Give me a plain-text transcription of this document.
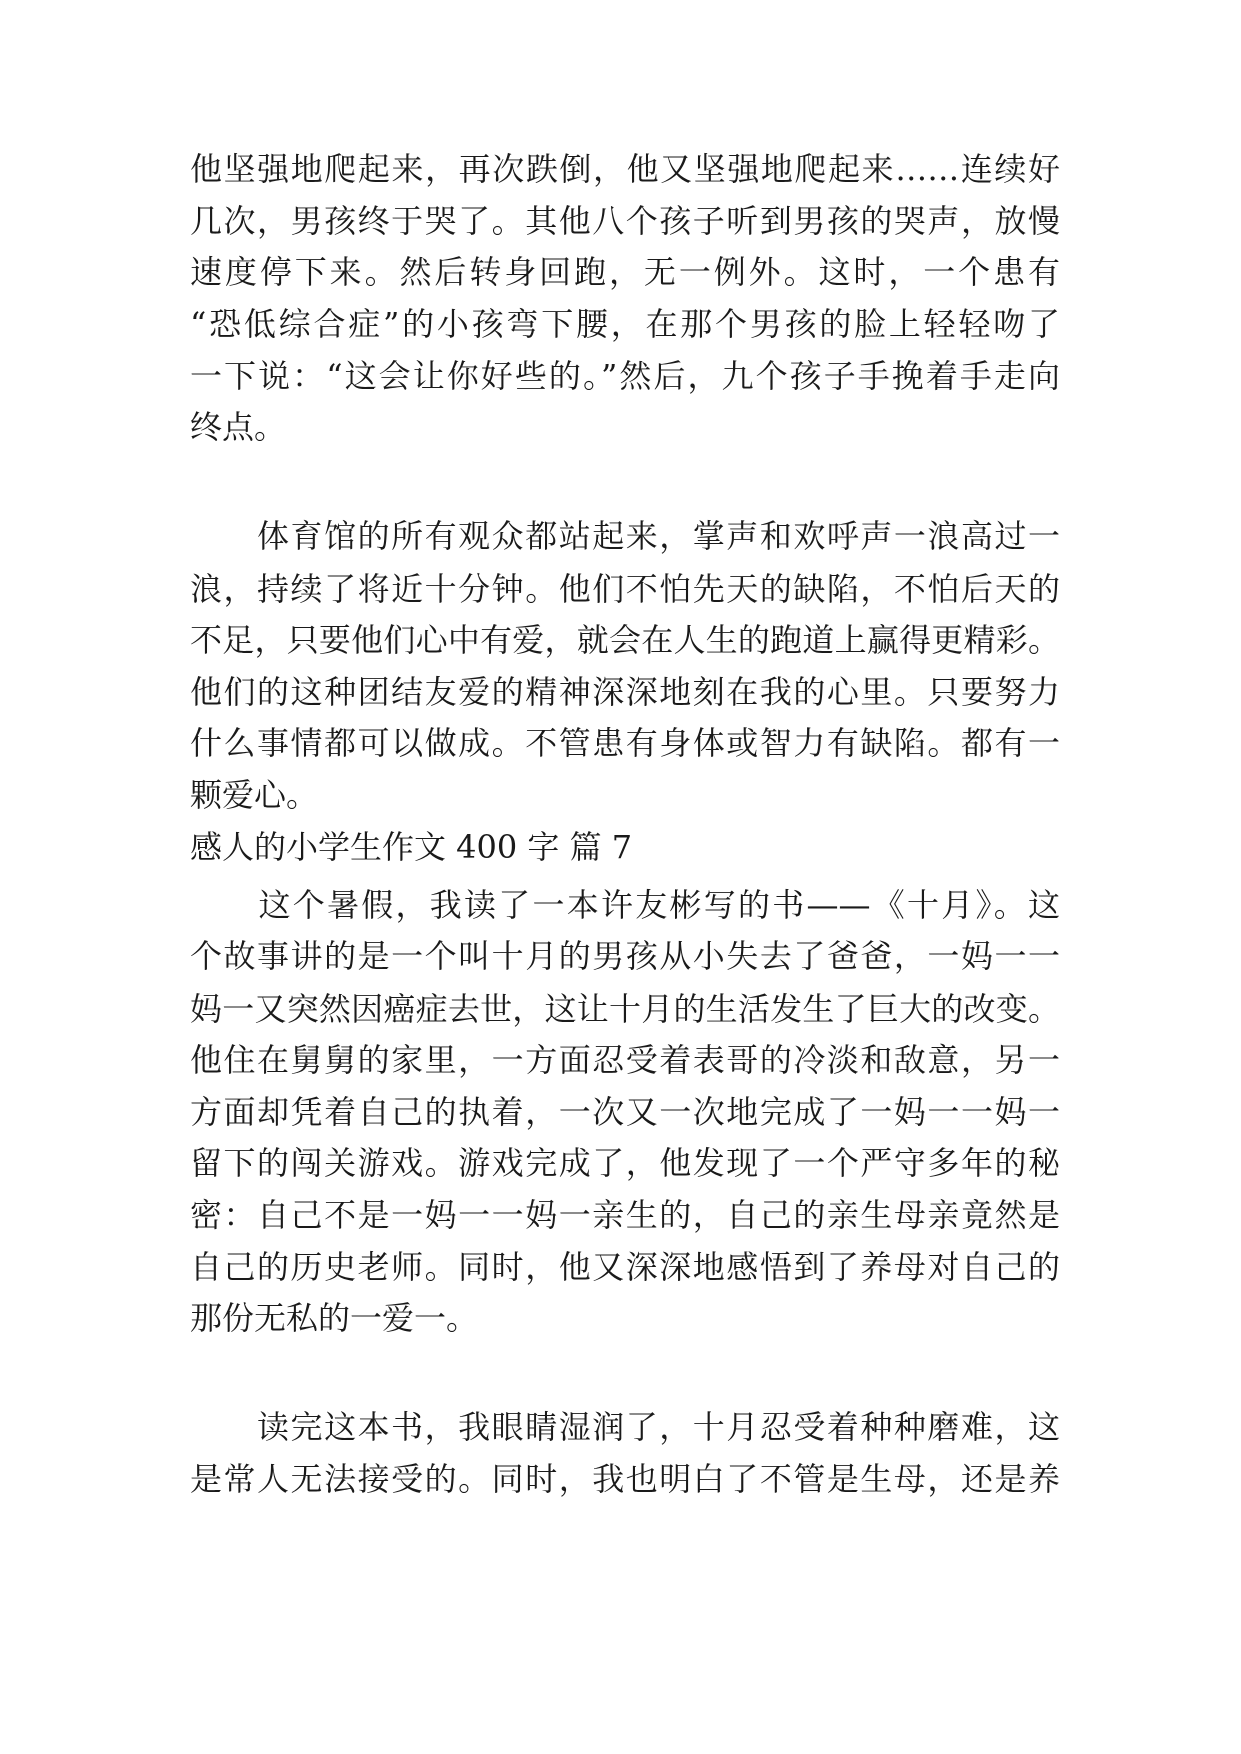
他坚强地爬起来，再次跌倒，他又坚强地爬起来……连续好
几次，男孩终于哭了。其他八个孩子听到男孩的哭声，放慢
速度停下来。然后转身回跑，无一例外。这时，一个患有
“恐低综合症”的小孩弯下腰，在那个男孩的脸上轻轻吻了
一下说：“这会让你好些的。”然后，九个孩子手挽着手走向
终点。
　　体育馆的所有观众都站起来，掌声和欢呼声一浪高过一
浪，持续了将近十分钟。他们不怕先天的缺陷，不怕后天的
不足，只要他们心中有爱，就会在人生的跑道上赢得更精彩。
他们的这种团结友爱的精神深深地刻在我的心里。只要努力
什么事情都可以做成。不管患有身体或智力有缺陷。都有一
颗爱心。
感人的小学生作文 400 字 篇 7
　　这个暑假，我读了一本许友彬写的书——《十月》。这
个故事讲的是一个叫十月的男孩从小失去了爸爸，一妈一一
妈一又突然因癌症去世，这让十月的生活发生了巨大的改变。
他住在舅舅的家里，一方面忍受着表哥的冷淡和敌意，另一
方面却凭着自己的执着，一次又一次地完成了一妈一一妈一
留下的闯关游戏。游戏完成了，他发现了一个严守多年的秘
密：自己不是一妈一一妈一亲生的，自己的亲生母亲竟然是
自己的历史老师。同时，他又深深地感悟到了养母对自己的
那份无私的一爱一。
　　读完这本书，我眼睛湿润了，十月忍受着种种磨难，这
是常人无法接受的。同时，我也明白了不管是生母，还是养
